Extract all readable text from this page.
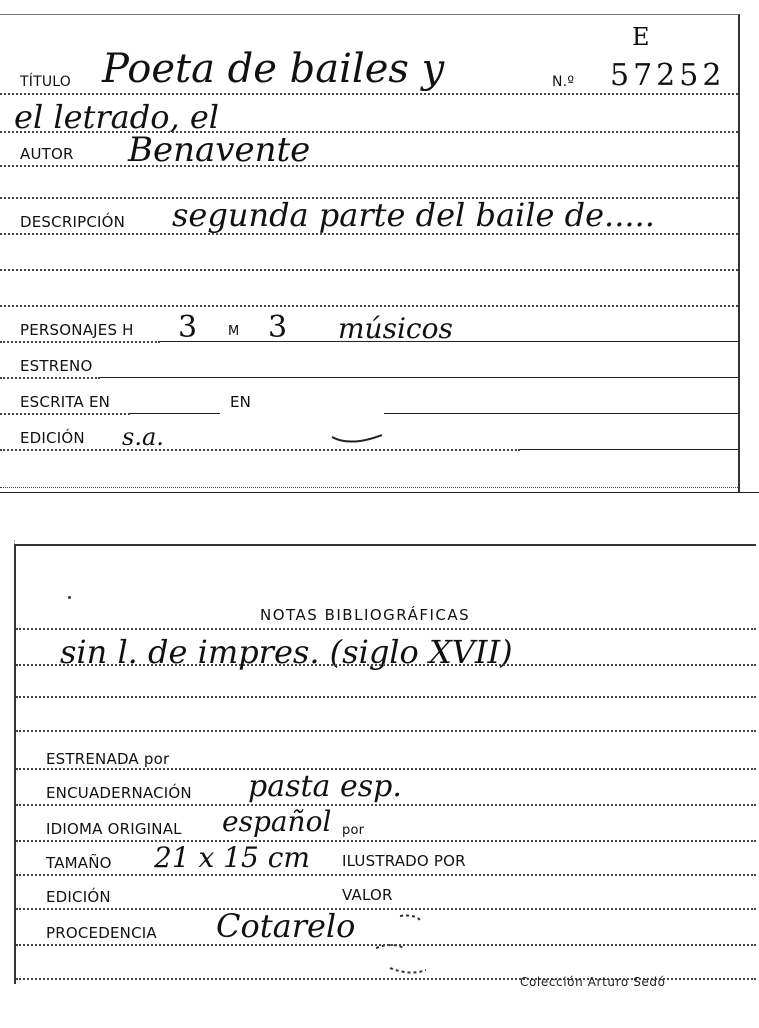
E
TÍTULO Poeta de bailes y	N.º 57252
el letrado, el
AUTOR Benavente
DESCRIPCIÓN segunda parte del baile de.....
PERSONAJES H 3 M 3 músicos
ESTRENO
ESCRITA EN	EN
EDICIÓN s.a.
NOTAS BIBLIOGRÁFICAS
sin l. de impres. (siglo XVII)
ESTRENADA por
ENCUADERNACIÓN pasta esp.
IDIOMA ORIGINAL español por
TAMAÑO 21 x 15 cm ILUSTRADO POR
EDICIÓN	VALOR
PROCEDENCIA Cotarelo
Colección Arturo Sedó
